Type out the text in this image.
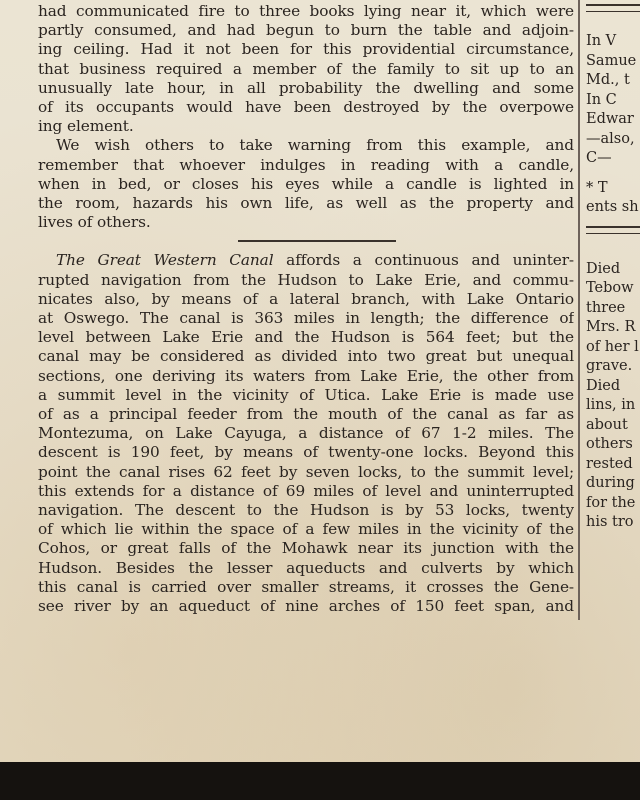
had communicated fire to three books lying near it, which were
partly consumed, and had begun to burn the table and adjoin-
ing ceiling. Had it not been for this providential circumstance,
that business required a member of the family to sit up to an
unusually late hour, in all probability the dwelling and some
of its occupants would have been destroyed by the overpowe
ing element.
We wish others to take warning from this example, and
remember that whoever indulges in reading with a candle,
when in bed, or closes his eyes while a candle is lighted in
the room, hazards his own life, as well as the property and
lives of others.
The Great Western Canal affords a continuous and uninter-
rupted navigation from the Hudson to Lake Erie, and commu-
nicates also, by means of a lateral branch, with Lake Ontario
at Oswego. The canal is 363 miles in length; the difference of
level between Lake Erie and the Hudson is 564 feet; but the
canal may be considered as divided into two great but unequal
sections, one deriving its waters from Lake Erie, the other from
a summit level in the vicinity of Utica. Lake Erie is made use
of as a principal feeder from the mouth of the canal as far as
Montezuma, on Lake Cayuga, a distance of 67 1-2 miles. The
descent is 190 feet, by means of twenty-one locks. Beyond this
point the canal rises 62 feet by seven locks, to the summit level;
this extends for a distance of 69 miles of level and uninterrupted
navigation. The descent to the Hudson is by 53 locks, twenty
of which lie within the space of a few miles in the vicinity of the
Cohos, or great falls of the Mohawk near its junction with the
Hudson. Besides the lesser aqueducts and culverts by which
this canal is carried over smaller streams, it crosses the Gene-
see river by an aqueduct of nine arches of 150 feet span, and
In V
Samue
Md., t
In C
Edwar
—also,
C—
* T
ents sh
Died
Tebow
three
Mrs. R
of her l
grave.
Died
lins, in
about
others
rested
during
for the
his tro
